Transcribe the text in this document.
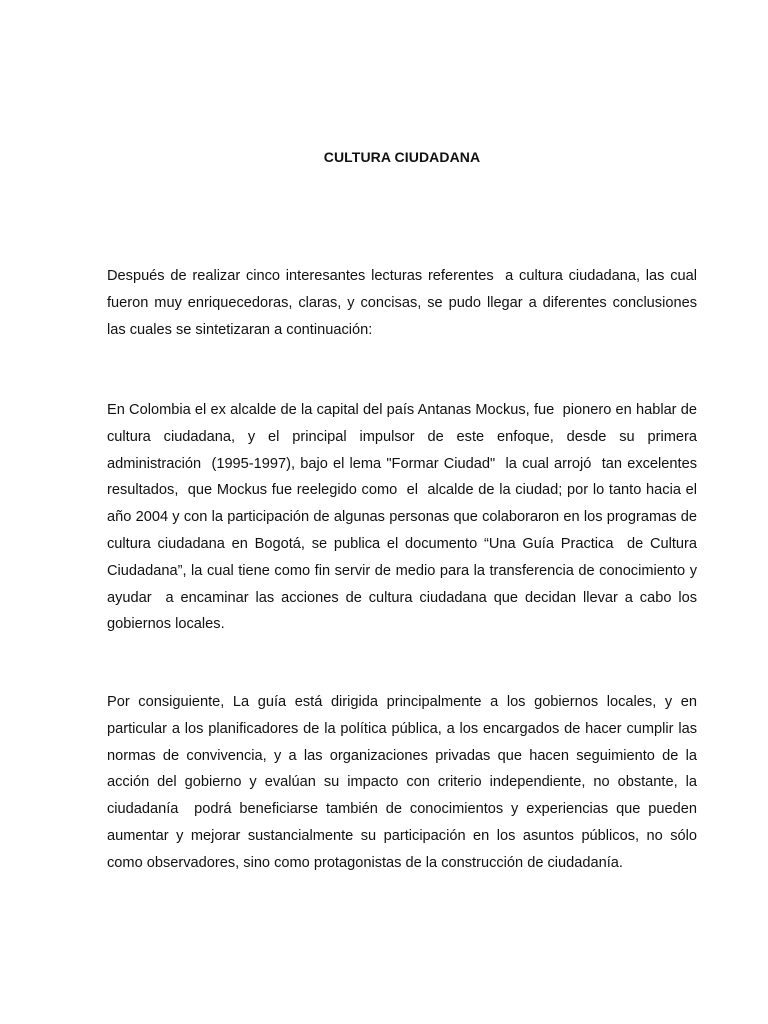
CULTURA CIUDADANA

Después de realizar cinco interesantes lecturas referentes  a cultura ciudadana, las cual fueron muy enriquecedoras, claras, y concisas, se pudo llegar a diferentes conclusiones las cuales se sintetizaran a continuación:

En Colombia el ex alcalde de la capital del país Antanas Mockus, fue  pionero en hablar de cultura ciudadana, y el principal impulsor de este enfoque, desde su primera administración  (1995-1997), bajo el lema "Formar Ciudad"  la cual arrojó  tan excelentes resultados,  que Mockus fue reelegido como  el  alcalde de la ciudad; por lo tanto hacia el año 2004 y con la participación de algunas personas que colaboraron en los programas de cultura ciudadana en Bogotá, se publica el documento “Una Guía Practica  de Cultura  Ciudadana”, la cual tiene como fin servir de medio para la transferencia de conocimiento y ayudar  a encaminar las acciones de cultura ciudadana que decidan llevar a cabo los gobiernos locales.

Por consiguiente, La guía está dirigida principalmente a los gobiernos locales, y en particular a los planificadores de la política pública, a los encargados de hacer cumplir las normas de convivencia, y a las organizaciones privadas que hacen seguimiento de la acción del gobierno y evalúan su impacto con criterio independiente, no obstante, la ciudadanía  podrá beneficiarse también de conocimientos y experiencias que pueden aumentar y mejorar sustancialmente su participación en los asuntos públicos, no sólo como observadores, sino como protagonistas de la construcción de ciudadanía.
